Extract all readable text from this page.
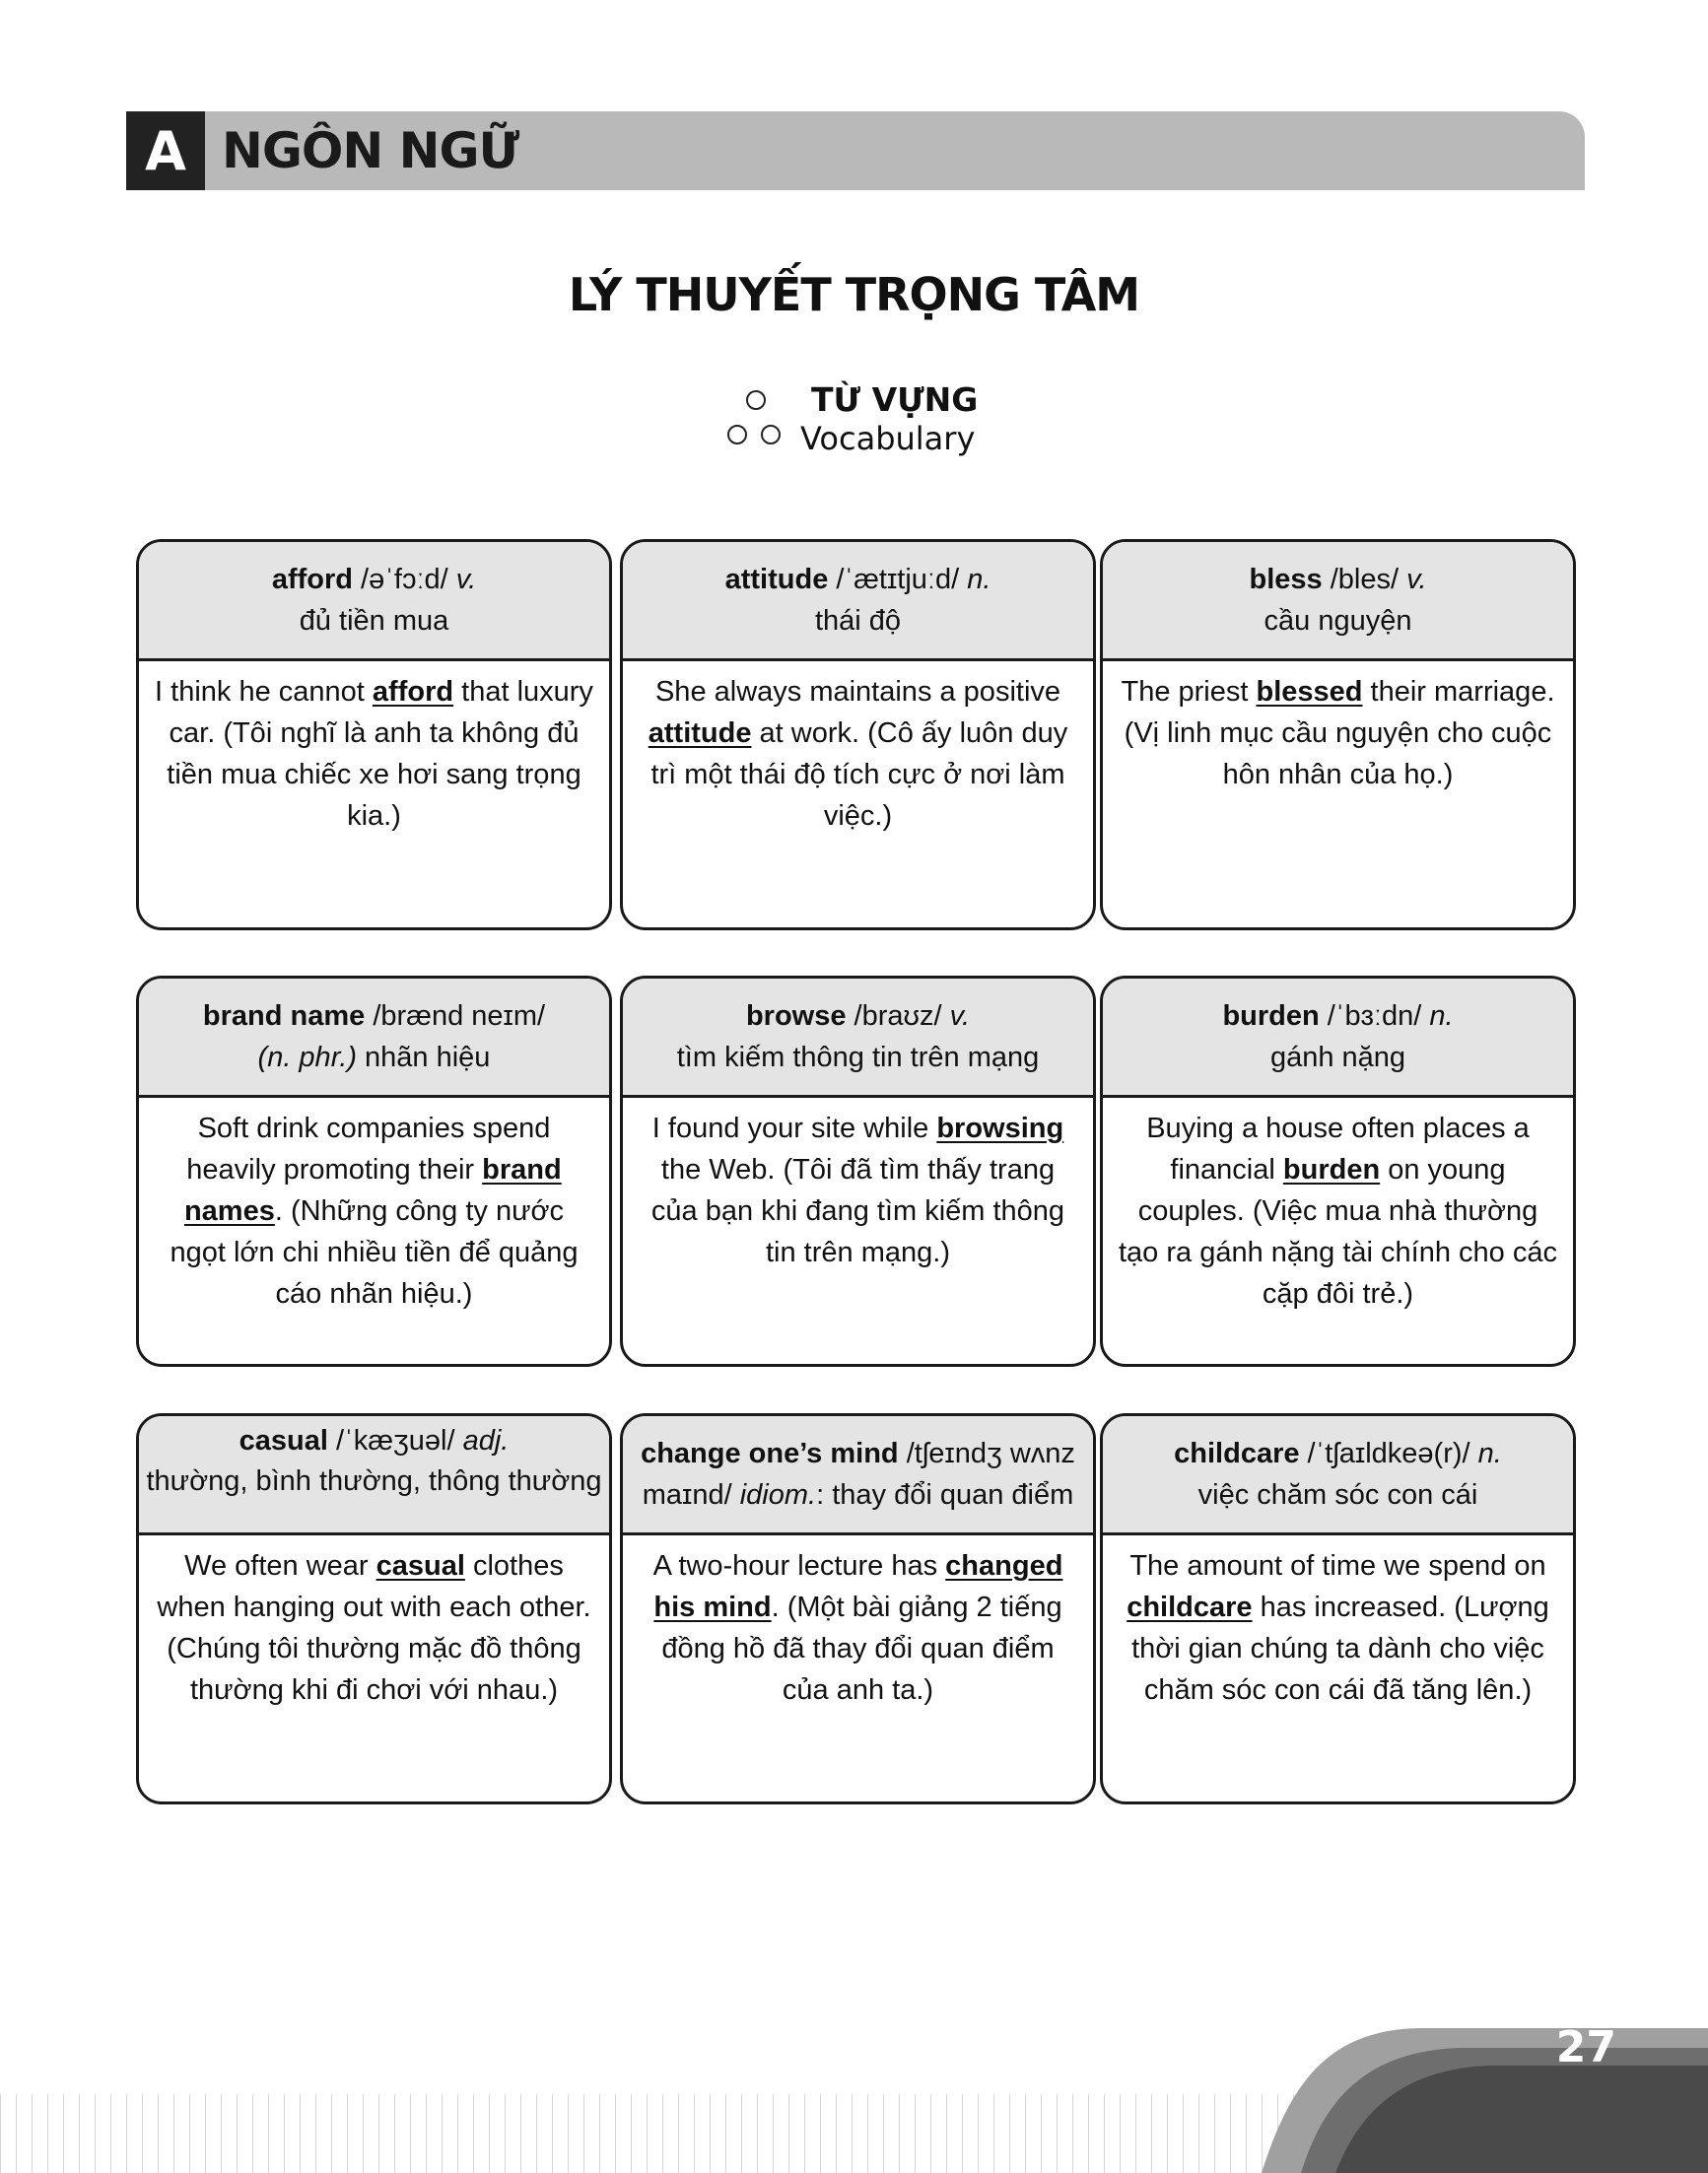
A NGÔN NGỮ
LÝ THUYẾT TRỌNG TÂM
TỪ VỰNG
Vocabulary
afford /əˈfɔːd/ v.
đủ tiền mua
I think he cannot afford that luxury car. (Tôi nghĩ là anh ta không đủ tiền mua chiếc xe hơi sang trọng kia.)
attitude /ˈætɪtjuːd/ n.
thái độ
She always maintains a positive attitude at work. (Cô ấy luôn duy trì một thái độ tích cực ở nơi làm việc.)
bless /bles/ v.
cầu nguyện
The priest blessed their marriage. (Vị linh mục cầu nguyện cho cuộc hôn nhân của họ.)
brand name /brænd neɪm/
(n. phr.) nhãn hiệu
Soft drink companies spend heavily promoting their brand names. (Những công ty nước ngọt lớn chi nhiều tiền để quảng cáo nhãn hiệu.)
browse /braʊz/ v.
tìm kiếm thông tin trên mạng
I found your site while browsing the Web. (Tôi đã tìm thấy trang của bạn khi đang tìm kiếm thông tin trên mạng.)
burden /ˈbɜːdn/ n.
gánh nặng
Buying a house often places a financial burden on young couples. (Việc mua nhà thường tạo ra gánh nặng tài chính cho các cặp đôi trẻ.)
casual /ˈkæʒuəl/ adj.
thường, bình thường, thông thường
We often wear casual clothes when hanging out with each other. (Chúng tôi thường mặc đồ thông thường khi đi chơi với nhau.)
change one’s mind /tʃeɪndʒ wʌnz maɪnd/ idiom.: thay đổi quan điểm
A two-hour lecture has changed his mind. (Một bài giảng 2 tiếng đồng hồ đã thay đổi quan điểm của anh ta.)
childcare /ˈtʃaɪldkeə(r)/ n.
việc chăm sóc con cái
The amount of time we spend on childcare has increased. (Lượng thời gian chúng ta dành cho việc chăm sóc con cái đã tăng lên.)
27
